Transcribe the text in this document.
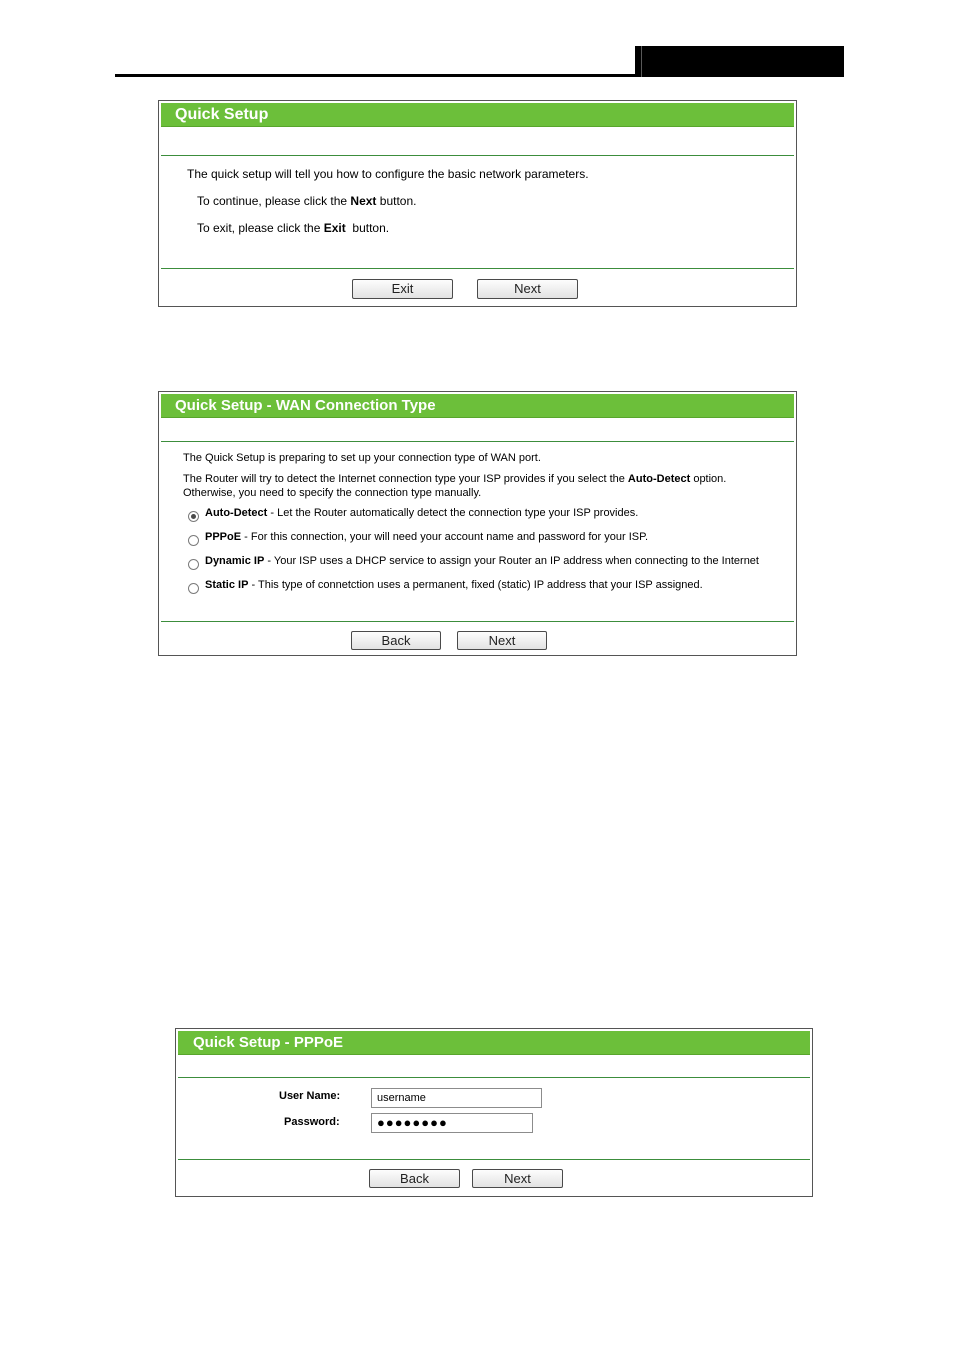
Quick Setup
The quick setup will tell you how to configure the basic network parameters.
To continue, please click the Next button.
To exit, please click the Exit  button.
Exit	Next
Quick Setup - WAN Connection Type
The Quick Setup is preparing to set up your connection type of WAN port.
The Router will try to detect the Internet connection type your ISP provides if you select the Auto-Detect option.
Otherwise, you need to specify the connection type manually.
Auto-Detect - Let the Router automatically detect the connection type your ISP provides.
PPPoE - For this connection, your will need your account name and password for your ISP.
Dynamic IP - Your ISP uses a DHCP service to assign your Router an IP address when connecting to the Internet
Static IP - This type of connetction uses a permanent, fixed (static) IP address that your ISP assigned.
Back	Next
Quick Setup - PPPoE
User Name:	username
Password:	●●●●●●●●
Back	Next
